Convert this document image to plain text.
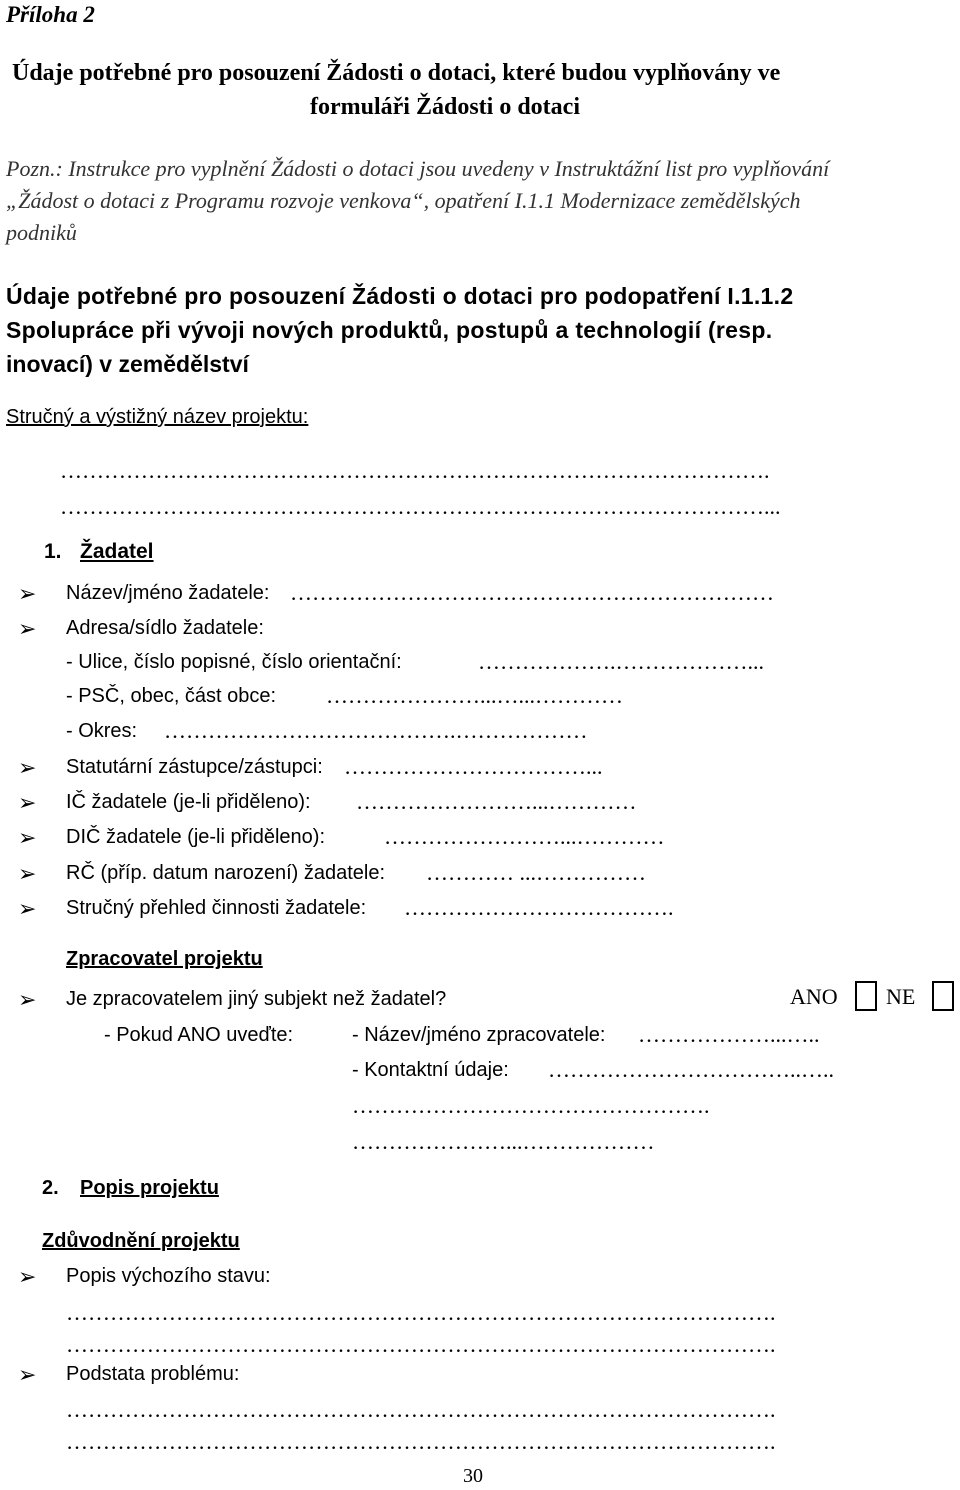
Příloha 2
Údaje potřebné pro posouzení Žádosti o dotaci, které budou vyplňovány ve
formuláři Žádosti o dotaci
Pozn.: Instrukce pro vyplnění Žádosti o dotaci jsou uvedeny v Instruktážní list pro vyplňování
„Žádost o dotaci z Programu rozvoje venkova“, opatření I.1.1 Modernizace zemědělských
podniků
Údaje potřebné pro posouzení Žádosti o dotaci pro podopatření I.1.1.2
Spolupráce při vývoji nových produktů, postupů a technologií (resp.
inovací) v zemědělství
Stručný a výstižný název projektu:
…………………………………………………………………………………….
……………………………………………………………………………………...
1. Žadatel
➢ Název/jméno žadatele: …………………………………………………………
➢ Adresa/sídlo žadatele:
- Ulice, číslo popisné, číslo orientační:	……………….………………...
- PSČ, obec, část obce: …………………...…...…………
- Okres: ………………………………….………………
➢ Statutární zástupce/zástupci: ……………………………...
➢ IČ žadatele (je-li přiděleno): ……………………...…………
➢ DIČ žadatele (je-li přiděleno):	……………………...…………
➢ RČ (příp. datum narození) žadatele: ………… ...……………
➢ Stručný přehled činnosti žadatele: ……………………………….
Zpracovatel projektu
➢ Je zpracovatelem jiný subjekt než žadatel?	ANO NE
- Pokud ANO uveďte:	- Název/jméno zpracovatele: ………………...…..
- Kontaktní údaje: ……………………………..…..
………………………………………….
…………………...………………
2. Popis projektu
Zdůvodnění projektu
➢ Popis výchozího stavu:
…………………………………………………………………………………….
…………………………………………………………………………………….
➢ Podstata problému:
…………………………………………………………………………………….
…………………………………………………………………………………….
30
